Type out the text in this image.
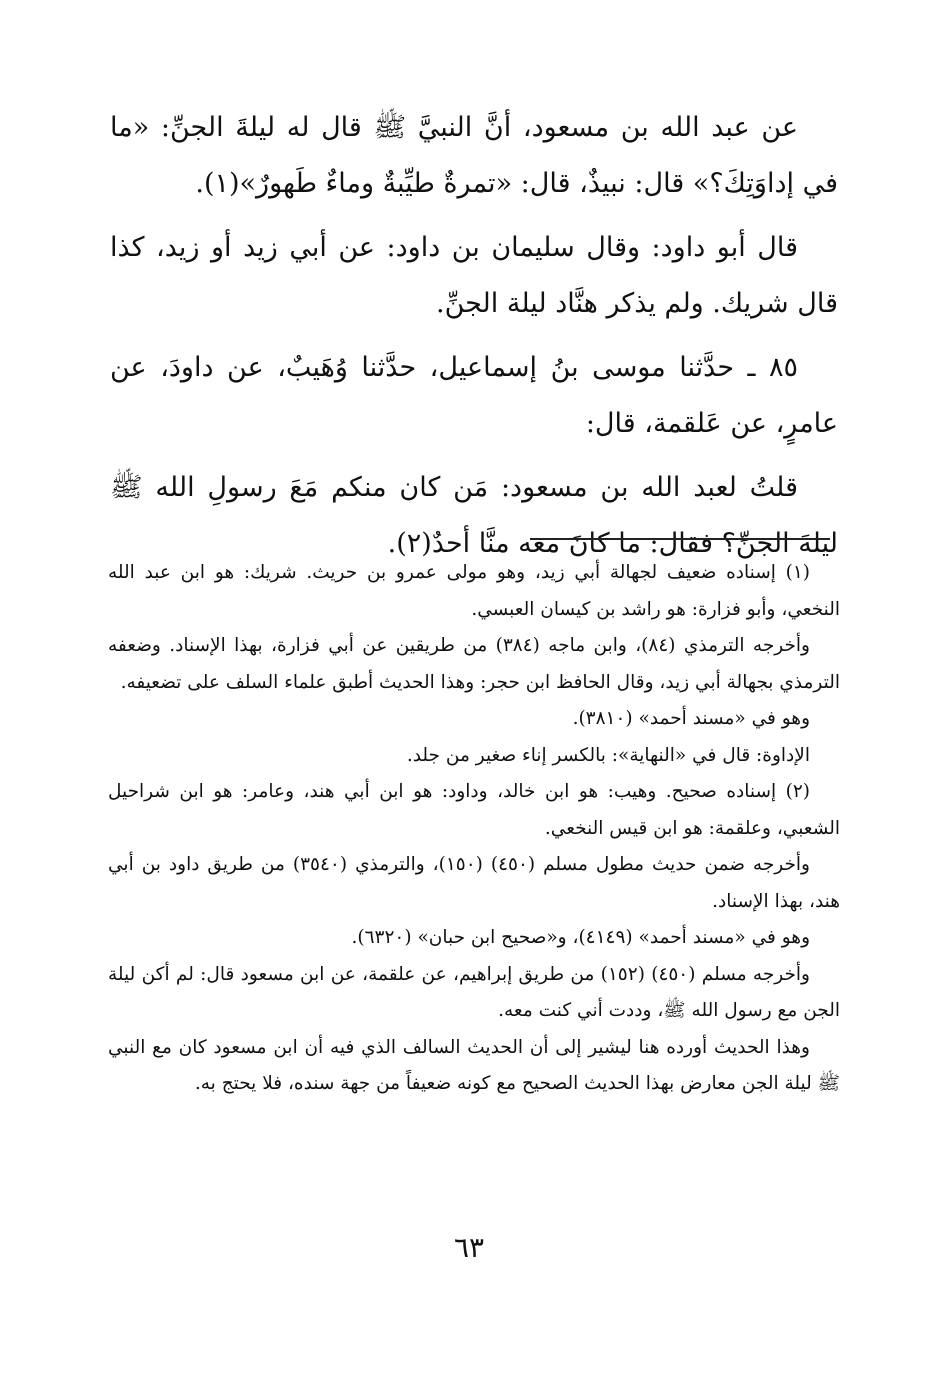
عن عبد الله بن مسعود، أنَّ النبيَّ ﷺ قال له ليلةَ الجنِّ: «ما في إداوَتِكَ؟» قال: نبيذٌ، قال: «تمرةٌ طيِّبةٌ وماءٌ طَهورٌ»(١).

قال أبو داود: وقال سليمان بن داود: عن أبي زيد أو زيد، كذا قال شريك. ولم يذكر هنَّاد ليلة الجنِّ.

٨٥ ـ حدَّثنا موسى بنُ إسماعيل، حدَّثنا وُهَيبٌ، عن داودَ، عن عامرٍ، عن عَلقمة، قال:

قلتُ لعبد الله بن مسعود: مَن كان منكم مَعَ رسولِ الله ﷺ ليلةَ الجنِّ؟ فقال: ما كانَ معه منَّا أحدٌ(٢).

(١) إسناده ضعيف لجهالة أبي زيد، وهو مولى عمرو بن حريث. شريك: هو ابن عبد الله النخعي، وأبو فزارة: هو راشد بن كيسان العبسي.

وأخرجه الترمذي (٨٤)، وابن ماجه (٣٨٤) من طريقين عن أبي فزارة، بهذا الإسناد. وضعفه الترمذي بجهالة أبي زيد، وقال الحافظ ابن حجر: وهذا الحديث أطبق علماء السلف على تضعيفه.

وهو في «مسند أحمد» (٣٨١٠).

الإداوة: قال في «النهاية»: بالكسر إناء صغير من جلد.

(٢) إسناده صحيح. وهيب: هو ابن خالد، وداود: هو ابن أبي هند، وعامر: هو ابن شراحيل الشعبي، وعلقمة: هو ابن قيس النخعي.

وأخرجه ضمن حديث مطول مسلم (٤٥٠) (١٥٠)، والترمذي (٣٥٤٠) من طريق داود بن أبي هند، بهذا الإسناد.

وهو في «مسند أحمد» (٤١٤٩)، و«صحيح ابن حبان» (٦٣٢٠).

وأخرجه مسلم (٤٥٠) (١٥٢) من طريق إبراهيم، عن علقمة، عن ابن مسعود قال: لم أكن ليلة الجن مع رسول الله ﷺ، وددت أني كنت معه.

وهذا الحديث أورده هنا ليشير إلى أن الحديث السالف الذي فيه أن ابن مسعود كان مع النبي ﷺ ليلة الجن معارض بهذا الحديث الصحيح مع كونه ضعيفاً من جهة سنده، فلا يحتج به.

٦٣
